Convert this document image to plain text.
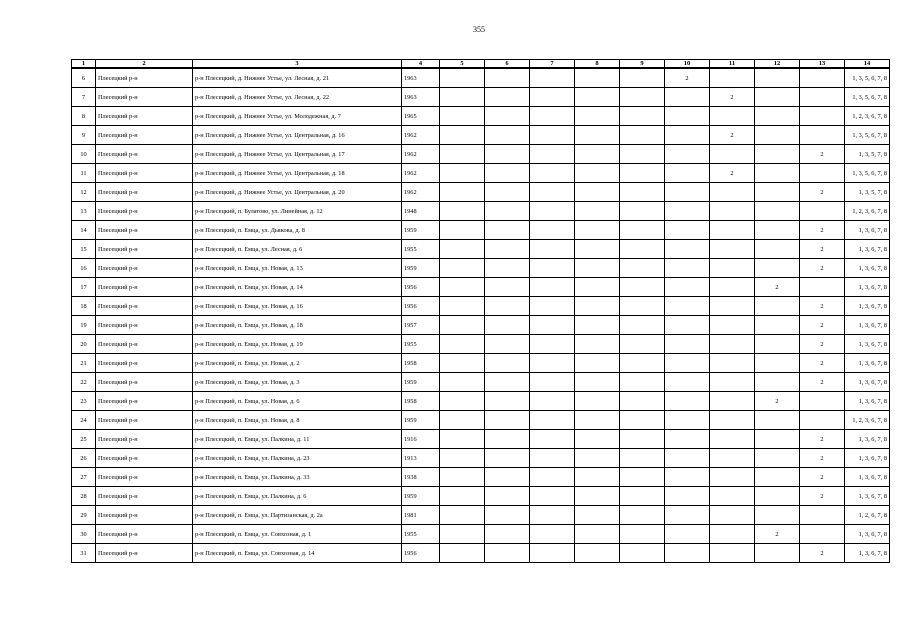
355
1	2	3	4	5	6	7	8	9	10	11	12	13	14
6	Плесецкий р-н	р-н Плесецкий, д. Нижнее Устье, ул. Лесная, д. 21	1963						2				1, 3, 5, 6, 7, 8
7	Плесецкий р-н	р-н Плесецкий, д. Нижнее Устье, ул. Лесная, д. 22	1963							2			1, 3, 5, 6, 7, 8
8	Плесецкий р-н	р-н Плесецкий, д. Нижнее Устье, ул. Молодежная, д. 7	1965										1, 2, 3, 6, 7, 8
9	Плесецкий р-н	р-н Плесецкий, д. Нижнее Устье, ул. Центральная, д. 16	1962							2			1, 3, 5, 6, 7, 8
10	Плесецкий р-н	р-н Плесецкий, д. Нижнее Устье, ул. Центральная, д. 17	1962									2	1, 3, 5, 7, 8
11	Плесецкий р-н	р-н Плесецкий, д. Нижнее Устье, ул. Центральная, д. 18	1962							2			1, 3, 5, 6, 7, 8
12	Плесецкий р-н	р-н Плесецкий, д. Нижнее Устье, ул. Центральная, д. 20	1962									2	1, 3, 5, 7, 8
13	Плесецкий р-н	р-н Плесецкий, п. Булатово, ул. Линейная, д. 12	1948										1, 2, 3, 6, 7, 8
14	Плесецкий р-н	р-н Плесецкий, п. Емца, ул. Дьякова, д. 8	1959									2	1, 3, 6, 7, 8
15	Плесецкий р-н	р-н Плесецкий, п. Емца, ул. Лесная, д. 6	1955									2	1, 3, 6, 7, 8
16	Плесецкий р-н	р-н Плесецкий, п. Емца, ул. Новая, д. 13	1959									2	1, 3, 6, 7, 8
17	Плесецкий р-н	р-н Плесецкий, п. Емца, ул. Новая, д. 14	1956								2		1, 3, 6, 7, 8
18	Плесецкий р-н	р-н Плесецкий, п. Емца, ул. Новая, д. 16	1956									2	1, 3, 6, 7, 8
19	Плесецкий р-н	р-н Плесецкий, п. Емца, ул. Новая, д. 18	1957									2	1, 3, 6, 7, 8
20	Плесецкий р-н	р-н Плесецкий, п. Емца, ул. Новая, д. 19	1955									2	1, 3, 6, 7, 8
21	Плесецкий р-н	р-н Плесецкий, п. Емца, ул. Новая, д. 2	1958									2	1, 3, 6, 7, 8
22	Плесецкий р-н	р-н Плесецкий, п. Емца, ул. Новая, д. 3	1959									2	1, 3, 6, 7, 8
23	Плесецкий р-н	р-н Плесецкий, п. Емца, ул. Новая, д. 6	1958								2		1, 3, 6, 7, 8
24	Плесецкий р-н	р-н Плесецкий, п. Емца, ул. Новая, д. 8	1959										1, 2, 3, 6, 7, 8
25	Плесецкий р-н	р-н Плесецкий, п. Емца, ул. Палкина, д. 11	1916									2	1, 3, 6, 7, 8
26	Плесецкий р-н	р-н Плесецкий, п. Емца, ул. Палкина, д. 23	1913									2	1, 3, 6, 7, 8
27	Плесецкий р-н	р-н Плесецкий, п. Емца, ул. Палкина, д. 33	1938									2	1, 3, 6, 7, 8
28	Плесецкий р-н	р-н Плесецкий, п. Емца, ул. Палкина, д. 6	1959									2	1, 3, 6, 7, 8
29	Плесецкий р-н	р-н Плесецкий, п. Емца, ул. Партизанская, д. 2а	1981										1, 2, 6, 7, 8
30	Плесецкий р-н	р-н Плесецкий, п. Емца, ул. Совхозная, д. 1	1955								2		1, 3, 6, 7, 8
31	Плесецкий р-н	р-н Плесецкий, п. Емца, ул. Совхозная, д. 14	1956									2	1, 3, 6, 7, 8
